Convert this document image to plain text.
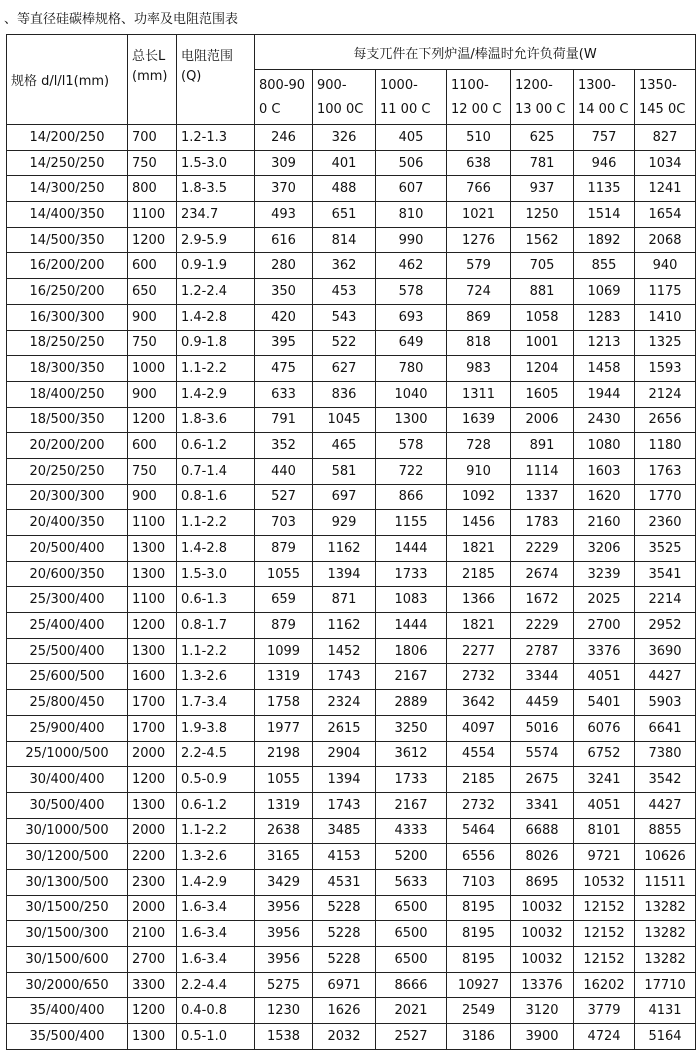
、等直径硅碳棒规格、功率及电阻范围表
规格 d/l/l1(mm)	总长L (mm)	电阻范围 (Q)	每支兀件在下列炉温/棒温时允许负荷量(W						

			800-90 0 C	900-100 0C	1000-11 00 C	1100-12 00 C	1200-13 00 C	1300-14 00 C	1350-145 0C

14/200/250	700	1.2-1.3	246	326	405	510	625	757	827
14/250/250	750	1.5-3.0	309	401	506	638	781	946	1034
14/300/250	800	1.8-3.5	370	488	607	766	937	1135	1241
14/400/350	1100	234.7	493	651	810	1021	1250	1514	1654
14/500/350	1200	2.9-5.9	616	814	990	1276	1562	1892	2068
16/200/200	600	0.9-1.9	280	362	462	579	705	855	940
16/250/200	650	1.2-2.4	350	453	578	724	881	1069	1175
16/300/300	900	1.4-2.8	420	543	693	869	1058	1283	1410
18/250/250	750	0.9-1.8	395	522	649	818	1001	1213	1325
18/300/350	1000	1.1-2.2	475	627	780	983	1204	1458	1593
18/400/250	900	1.4-2.9	633	836	1040	1311	1605	1944	2124
18/500/350	1200	1.8-3.6	791	1045	1300	1639	2006	2430	2656
20/200/200	600	0.6-1.2	352	465	578	728	891	1080	1180
20/250/250	750	0.7-1.4	440	581	722	910	1114	1603	1763
20/300/300	900	0.8-1.6	527	697	866	1092	1337	1620	1770
20/400/350	1100	1.1-2.2	703	929	1155	1456	1783	2160	2360
20/500/400	1300	1.4-2.8	879	1162	1444	1821	2229	3206	3525
20/600/350	1300	1.5-3.0	1055	1394	1733	2185	2674	3239	3541
25/300/400	1100	0.6-1.3	659	871	1083	1366	1672	2025	2214
25/400/400	1200	0.8-1.7	879	1162	1444	1821	2229	2700	2952
25/500/400	1300	1.1-2.2	1099	1452	1806	2277	2787	3376	3690
25/600/500	1600	1.3-2.6	1319	1743	2167	2732	3344	4051	4427
25/800/450	1700	1.7-3.4	1758	2324	2889	3642	4459	5401	5903
25/900/400	1700	1.9-3.8	1977	2615	3250	4097	5016	6076	6641
25/1000/500	2000	2.2-4.5	2198	2904	3612	4554	5574	6752	7380
30/400/400	1200	0.5-0.9	1055	1394	1733	2185	2675	3241	3542
30/500/400	1300	0.6-1.2	1319	1743	2167	2732	3341	4051	4427
30/1000/500	2000	1.1-2.2	2638	3485	4333	5464	6688	8101	8855
30/1200/500	2200	1.3-2.6	3165	4153	5200	6556	8026	9721	10626
30/1300/500	2300	1.4-2.9	3429	4531	5633	7103	8695	10532	11511
30/1500/250	2000	1.6-3.4	3956	5228	6500	8195	10032	12152	13282
30/1500/300	2100	1.6-3.4	3956	5228	6500	8195	10032	12152	13282
30/1500/600	2700	1.6-3.4	3956	5228	6500	8195	10032	12152	13282
30/2000/650	3300	2.2-4.4	5275	6971	8666	10927	13376	16202	17710
35/400/400	1200	0.4-0.8	1230	1626	2021	2549	3120	3779	4131
35/500/400	1300	0.5-1.0	1538	2032	2527	3186	3900	4724	5164
